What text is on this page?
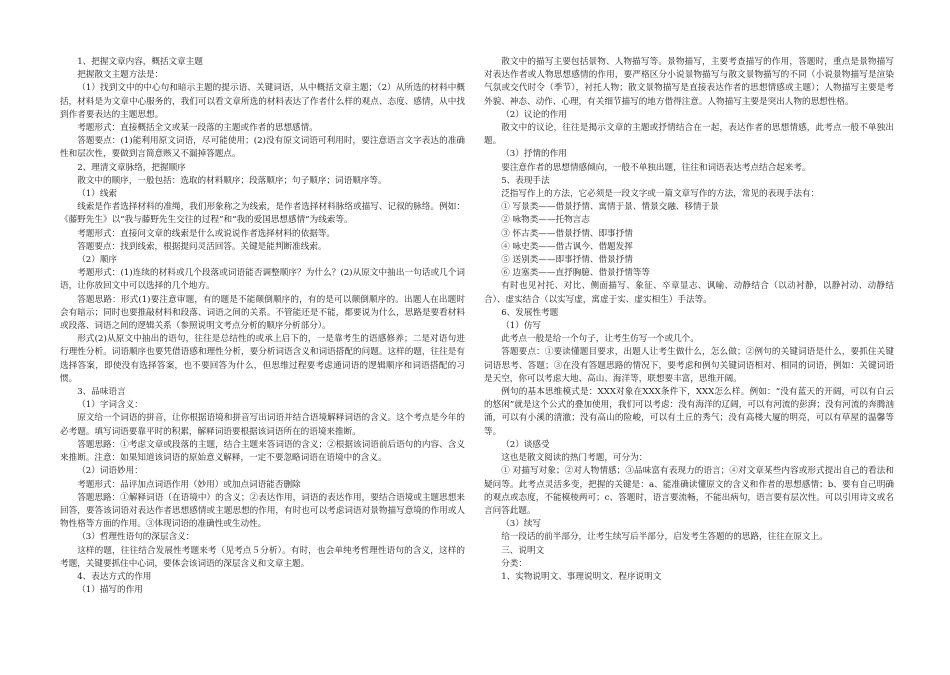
1、把握文章内容，概括文章主题

把握散文主题方法是：

（1）找到文中的中心句和暗示主题的提示语、关键词语，从中概括文章主题；（2）从所选的材料中概括，材料是为文章中心服务的，我们可以看文章所选的材料表达了作者什么样的观点、态度、感情，从中找到作者要表达的主题思想。

考题形式：直接概括全文或某一段落的主题或作者的思想感情。

答题要点：(1)能利用原文词语，尽可能使用；(2)没有原文词语可利用时，要注意语言文字表达的准确性和层次性，要做到言简意赅又不漏掉答题点。

2、理清文章脉络，把握顺序

散文中的顺序，一般包括：选取的材料顺序；段落顺序；句子顺序；词语顺序等。

（1）线索

线索是作者选择材料的准绳，我们形象称之为线索，是作者选择材料脉络或描写、记叙的脉络。例如：《藤野先生》以“我与藤野先生交往的过程”和“我的爱国思想感情”为线索等。

考题形式：直接问文章的线索是什么或说说作者选择材料的依据等。

答题要点：找到线索，根据提问灵活回答。关键是能判断准线索。

（2）顺序

考题形式：(1)连续的材料或几个段落或词语能否调整顺序？为什么？(2)从原文中抽出一句话或几个词语，让你放回文中可以选择的几个地方。

答题思路：形式(1)要注意审题，有的题是不能颠倒顺序的，有的是可以颠倒顺序的。出题人在出题时会有暗示；同时也要推敲材料和段落、词语之间的关系。不管能还是不能，都要说为什么，思路是要看材料或段落、词语之间的逻辑关系（参照说明文考点分析的顺序分析部分）。

形式(2)从原文中抽出的语句，往往是总结性的或承上启下的，一是靠考生的语感修养；二是对语句进行理性分析。词语顺序也要凭借语感和理性分析，要分析词语含义和词语搭配的问题。这样的题，往往是有选择答案，即使没有选择答案，也不要回答为什么，但思维过程要考虑通词语的逻辑顺序和词语搭配的习惯。

3、品味语言

（1）字词含义：

原文给一个词语的拼音，让你根据语境和拼音写出词语并结合语境解释词语的含义。这个考点是今年的必考题。填写词语要靠平时的积累，解释词语要根据该词语所在的语境来推断。

答题思路：①考虑文章或段落的主题，结合主题来答词语的含义；②根据该词语前后语句的内容、含义来推断。注意：如果知道该词语的原始意义解释，一定不要忽略词语在语境中的含义。

（2）词语妙用：

考题形式：品评加点词语作用（妙用）或加点词语能否删除

答题思路：①解释词语（在语境中）的含义；②表达作用，词语的表达作用，要结合语境或主题思想来回答，要答该词语对表达作者思想感情或主题思想的作用，有时也可以考虑词语对景物描写意境的作用或人物性格等方面的作用。③体现词语的准确性或生动性。

（3）哲理性语句的深层含义：

这样的题，往往结合发展性考题来考（见考点５分析）。有时，也会单纯考哲理性语句的含义，这样的考题，关键要抓住中心词，要体会该词语的深层含义和文章主题。

4、表达方式的作用

（1）描写的作用

散文中的描写主要包括景物、人物描写等。景物描写，主要考查描写的作用，答题时，重点是景物描写对表达作者或人物思想感情的作用，要严格区分小说景物描写与散文景物描写的不同（小说景物描写是渲染气氛或交代时令（季节），衬托人物；散文景物描写是直接表达作者的思想情感或主题）；人物描写主要是考外貌、神态、动作、心理，有关细节描写的地方借得注意。人物描写主要是突出人物的思想性格。

（2）议论的作用

散文中的议论，往往是揭示文章的主题或抒情结合在一起，表达作者的思想情感，此考点一般不单独出题。

（3）抒情的作用

要注意作者的思想情感倾向，一般不单独出题，往往和词语表达考点结合起来考。

5、表现手法

泛指写作上的方法，它必须是一段文字或一篇文章写作的方法，常见的表现手法有：

① 写景类——借景抒情、寓情于景、情景交融、移情于景

② 咏物类——托物言志

③ 怀古类——借景抒情、即事抒情

④ 咏史类——借古讽今、借题发挥

⑤ 送别类——即事抒情、借景抒情

⑥ 边塞类——直抒胸臆、借景抒情等等

有时也见衬托、对比、侧面描写、象征、卒章显志、讽喻、动静结合（以动衬静，以静衬动、动静结合）、虚实结合（以实写虚，寓虚于实、虚实相生）手法等。

6、发展性考题

（1）仿写

此考点一般是给一个句子，让考生仿写一个或几个。

答题要点：①要读懂题目要求，出题人让考生做什么，怎么做；②例句的关键词语是什么，要抓住关键词语思考、答题；③在没有答题思路的情况下，要考虑和例句关键词语相对、相同的词语，例如：关键词语是天空，你可以考虑大地、高山、海洋等，联想要丰富，思维开阔。

例句的基本思维模式是：XXX对象在XXX条件下，XXX怎么样。例如：“没有蓝天的开阔，可以有白云的悠闲”就是这个公式的叠加使用，我们可以考虑：没有海洋的辽阔，可以有河流的彭湃；没有河流的奔腾汹涌，可以有小溪的清澈；没有高山的险峻，可以有土丘的秀气；没有高楼大厦的明亮，可以有草屋的温馨等等。

（2）谈感受

这也是散文阅读的热门考题，可分为：

① 对描写对象；②对人物情感；③品味富有表现力的语言；④对文章某些内容或形式提出自己的看法和疑问等。此考点灵活多变，把握的关键是：a、能准确读懂原文的含义和作者的思想感情；b、要有自己明确的观点或态度，不能模棱两可；c、答题时，语言要流畅，不能出病句，语言要有层次性。可以引用诗文或名言问答此题。

（3）续写

给一段话的前半部分，让考生续写后半部分，启发考生答题的的思路，往往在原文上。

三、说明文

分类：

1、实物说明文、事理说明文、程序说明文
